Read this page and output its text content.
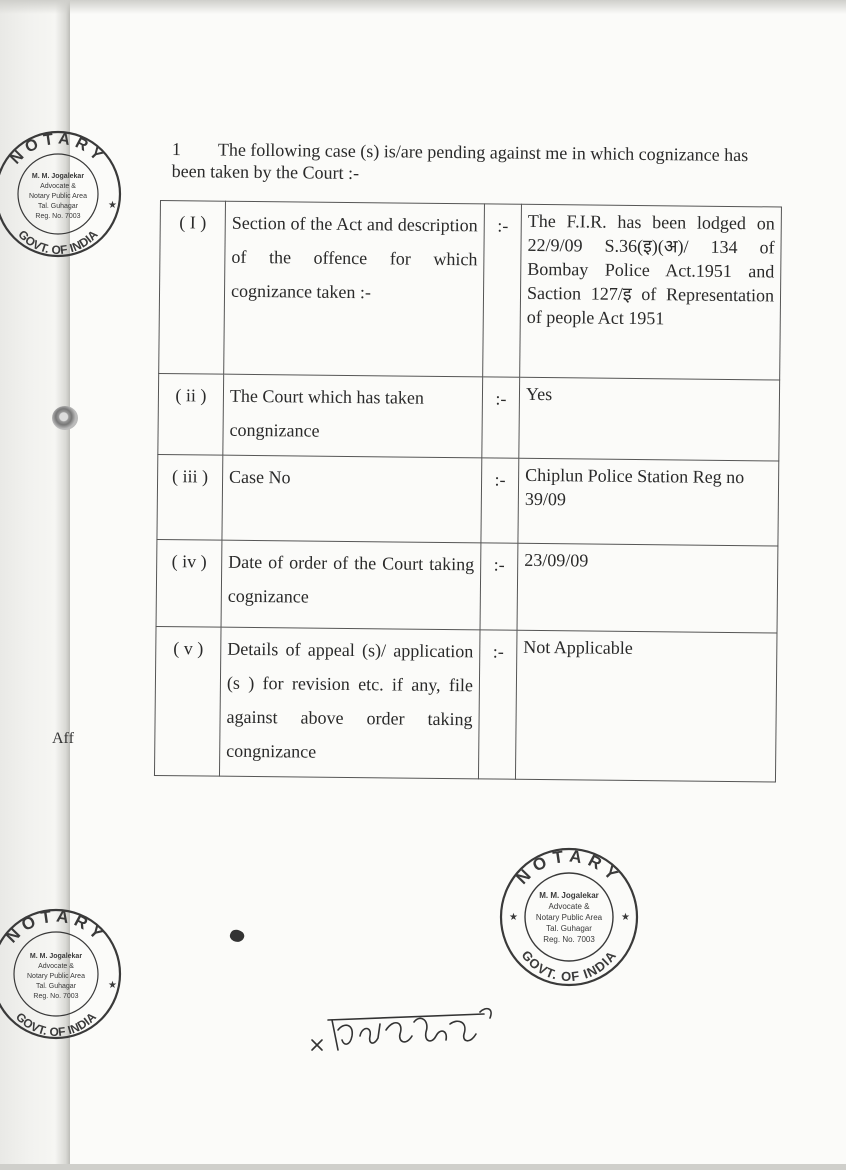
Aff
1 The following case (s) is/are pending against me in which cognizance has been taken by the Court :-
( I )	Section of the Act and description of the offence for which cognizance taken :-	:-	The F.I.R. has been lodged on 22/9/09 S.36(इ)(अ)/ 134 of Bombay Police Act.1951 and Saction 127/इ of Representation of people Act 1951
( ii )	The Court which has taken congnizance	:-	Yes
( iii )	Case No	:-	Chiplun Police Station Reg no 39/09
( iv )	Date of order of the Court taking cognizance	:-	23/09/09
( v )	Details of appeal (s)/ application (s ) for revision etc. if any, file against above order taking congnizance	:-	Not Applicable
NOTARY
GOVT. OF INDIA
★	★
M. M. Jogalekar
Advocate &
Notary Public Area
Tal. Guhagar
Reg. No. 7003
NOTARY
GOVT. OF INDIA
★
M. M. Jogalekar
Advocate &
Notary Public Area
Tal. Guhagar
Reg. No. 7003
NOTARY
GOVT. OF INDIA
★
M. M. Jogalekar
Advocate &
Notary Public Area
Tal. Guhagar
Reg. No. 7003
